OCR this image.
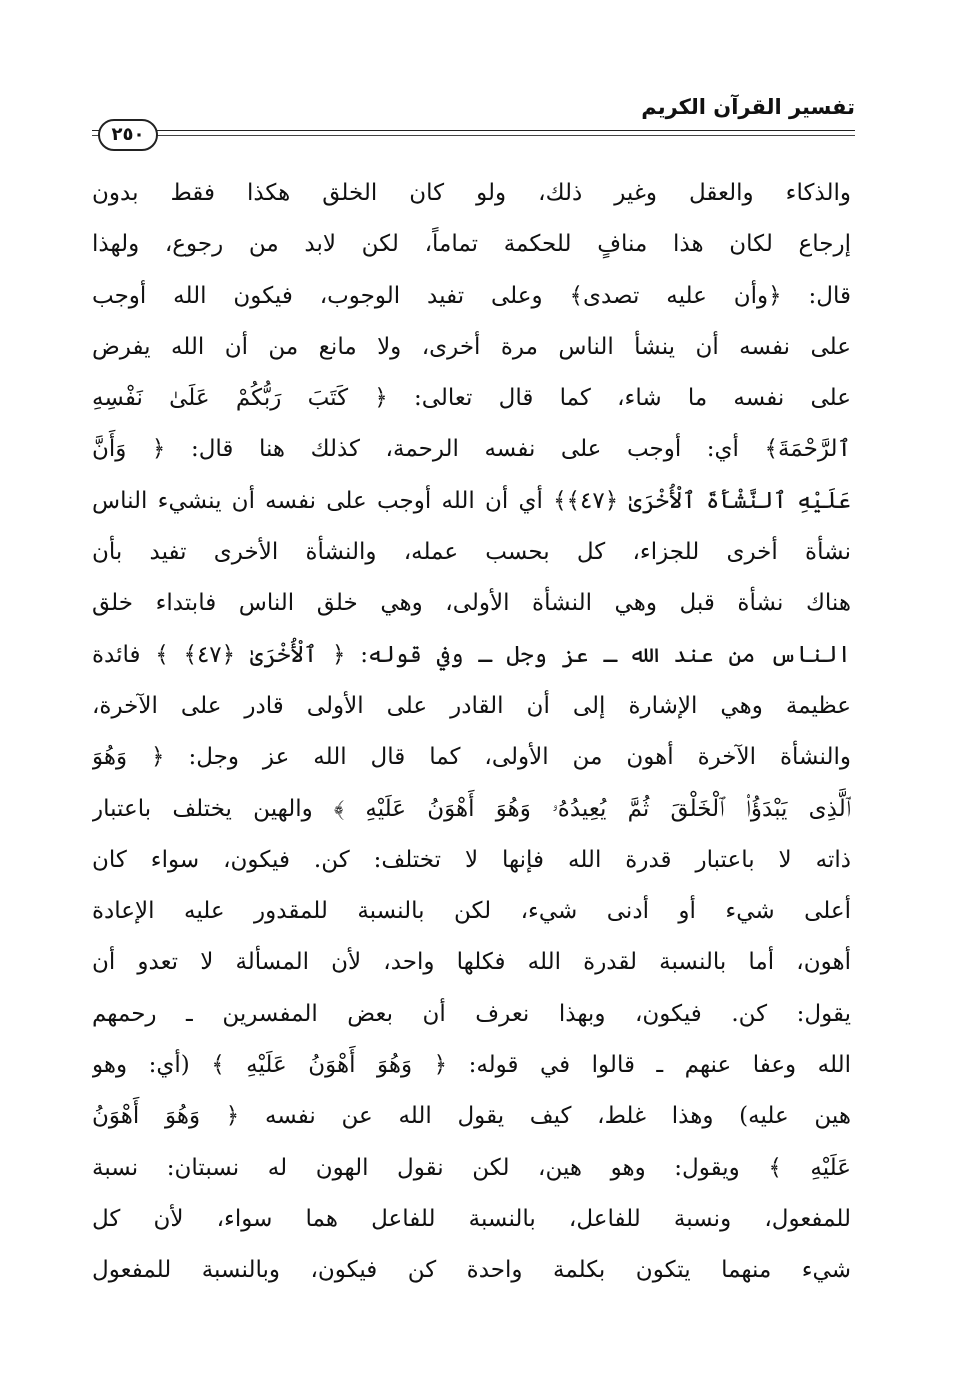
تفسير القرآن الكريم
٢٥٠
والذكاء والعقل وغير ذلك، ولو كان الخلق هكذا فقط بدون
إرجاع لكان هذا منافٍ للحكمة تماماً، لكن لابد من رجوع، ولهذا
قال: ﴿وأن عليه تصدى﴾ وعلى تفيد الوجوب، فيكون الله أوجب
على نفسه أن ينشأ الناس مرة أخرى، ولا مانع من أن الله يفرض
على نفسه ما شاء، كما قال تعالى: ﴿ كَتَبَ رَبُّكُمْ عَلَىٰ نَفْسِهِ
ٱلرَّحْمَةَ﴾ أي: أوجب على نفسه الرحمة، كذلك هنا قال: ﴿ وَأَنَّ
عَلَيْهِ ٱلنَّشْأَةَ ٱلْأُخْرَىٰ ﴿٤٧﴾﴾ أي أن الله أوجب على نفسه أن ينشيء الناس
نشأة أخرى للجزاء، كل بحسب عمله، والنشأة الأخرى تفيد بأن
هناك نشأة قبل وهي النشأة الأولى، وهي خلق الناس فابتداء خلق
الناس من عند الله ـ عز وجل ـ وفي قوله: ﴿ ٱلْأُخْرَىٰ ﴿٤٧﴾ ﴾ فائدة
عظيمة وهي الإشارة إلى أن القادر على الأولى قادر على الآخرة،
والنشأة الآخرة أهون من الأولى، كما قال الله عز وجل: ﴿ وَهُوَ
ٱلَّذِى يَبْدَؤُا۟ ٱلْخَلْقَ ثُمَّ يُعِيدُهُۥ وَهُوَ أَهْوَنُ عَلَيْهِ ﴾ والهين يختلف باعتبار
ذاته لا باعتبار قدرة الله فإنها لا تختلف: كن. فيكون، سواء كان
أعلى شيء أو أدنى شيء، لكن بالنسبة للمقدور عليه الإعادة
أهون، أما بالنسبة لقدرة الله فكلها واحد، لأن المسألة لا تعدو أن
يقول: كن. فيكون، وبهذا نعرف أن بعض المفسرين ـ رحمهم
الله وعفا عنهم ـ قالوا في قوله: ﴿ وَهُوَ أَهْوَنُ عَلَيْهِ ﴾ (أي: وهو
هين عليه) وهذا غلط، كيف يقول الله عن نفسه ﴿ وَهُوَ أَهْوَنُ
عَلَيْهِ ﴾ ويقول: وهو هين، لكن نقول الهون له نسبتان: نسبة
للمفعول، ونسبة للفاعل، بالنسبة للفاعل هما سواء، لأن كل
شيء منهما يتكون بكلمة واحدة كن فيكون، وبالنسبة للمفعول
